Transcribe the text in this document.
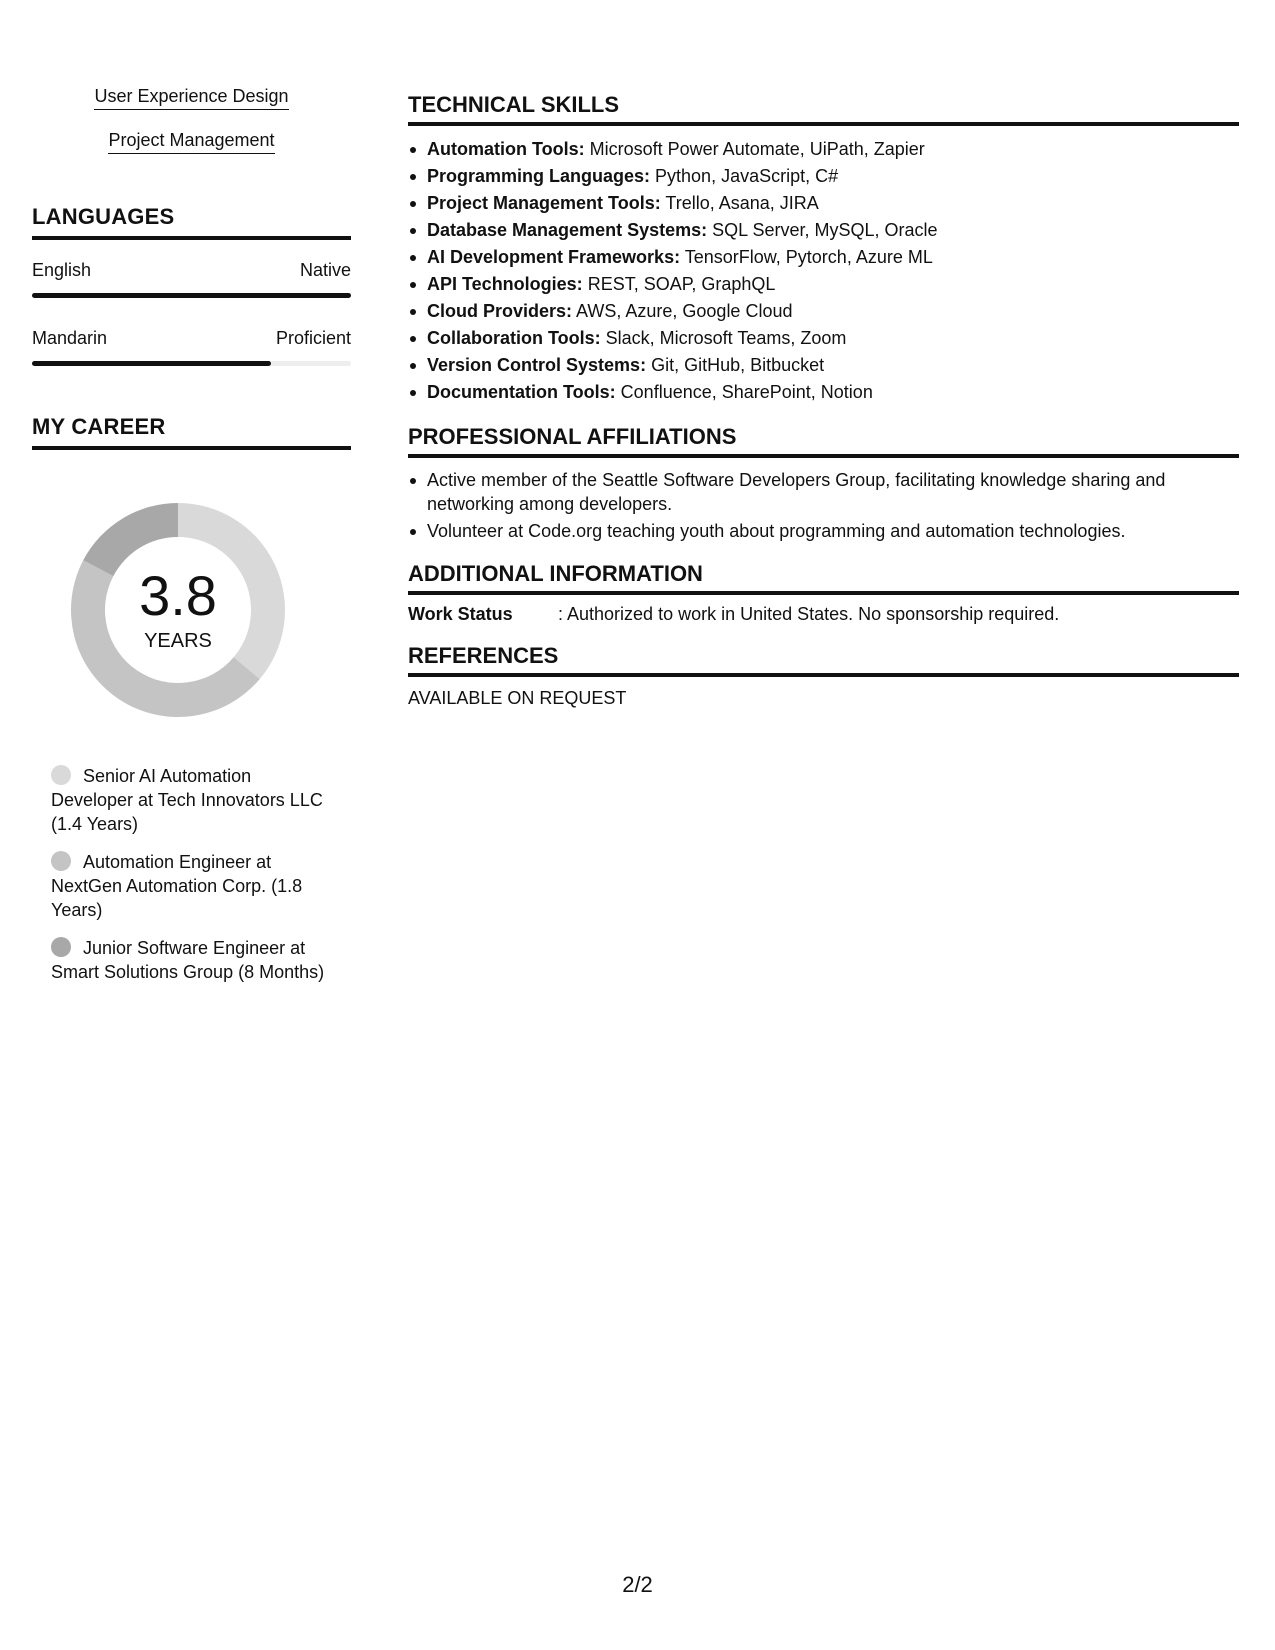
User Experience Design
Project Management
LANGUAGES
English	Native
Mandarin	Proficient
MY CAREER
3.8
YEARS
Senior AI Automation Developer at Tech Innovators LLC (1.4 Years)
Automation Engineer at NextGen Automation Corp. (1.8 Years)
Junior Software Engineer at Smart Solutions Group (8 Months)
TECHNICAL SKILLS
Automation Tools: Microsoft Power Automate, UiPath, Zapier
Programming Languages: Python, JavaScript, C#
Project Management Tools: Trello, Asana, JIRA
Database Management Systems: SQL Server, MySQL, Oracle
AI Development Frameworks: TensorFlow, Pytorch, Azure ML
API Technologies: REST, SOAP, GraphQL
Cloud Providers: AWS, Azure, Google Cloud
Collaboration Tools: Slack, Microsoft Teams, Zoom
Version Control Systems: Git, GitHub, Bitbucket
Documentation Tools: Confluence, SharePoint, Notion
PROFESSIONAL AFFILIATIONS
Active member of the Seattle Software Developers Group, facilitating knowledge sharing and networking among developers.
Volunteer at Code.org teaching youth about programming and automation technologies.
ADDITIONAL INFORMATION
Work Status	: Authorized to work in United States. No sponsorship required.
REFERENCES
AVAILABLE ON REQUEST
2/2
